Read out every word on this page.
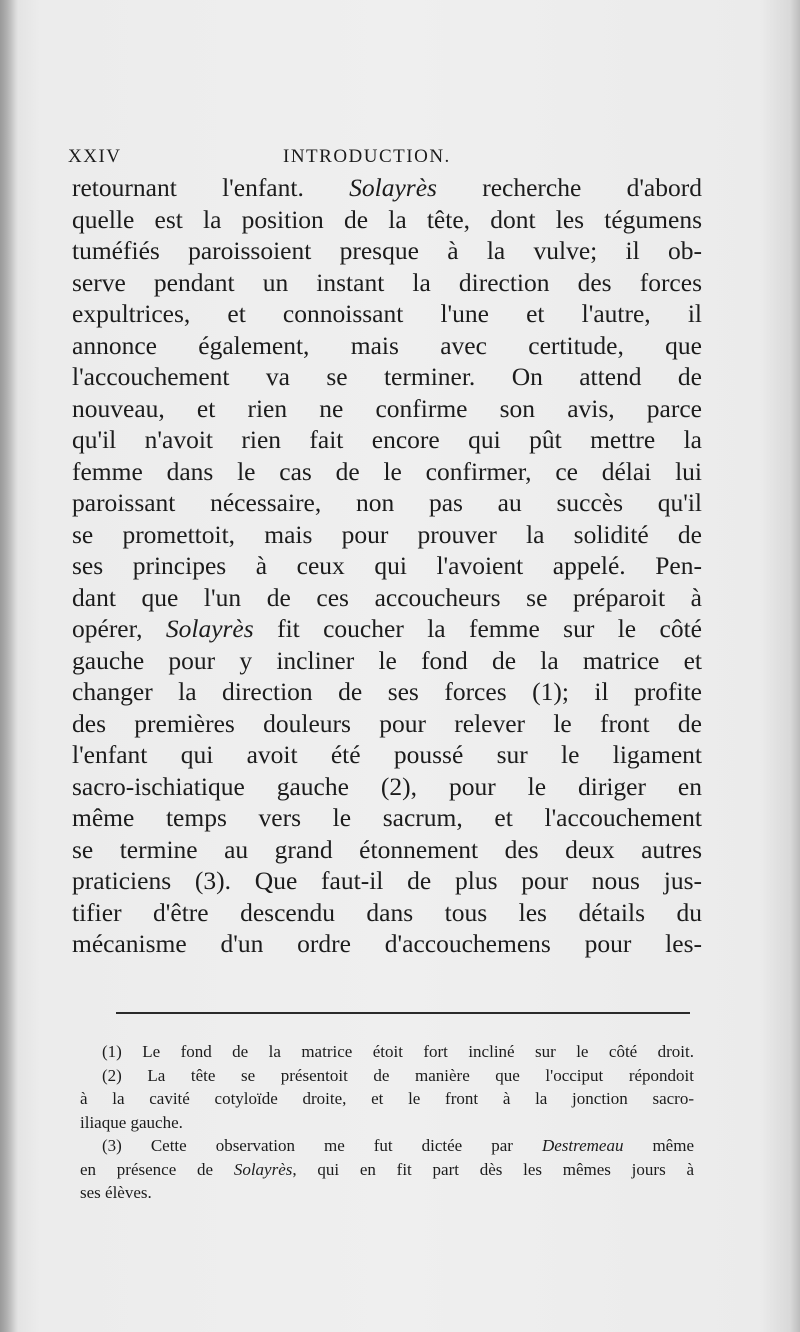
XXIV	INTRODUCTION.
retournant l'enfant. Solayrès recherche d'abord
quelle est la position de la tête, dont les tégumens
tuméfiés paroissoient presque à la vulve; il ob-
serve pendant un instant la direction des forces
expultrices, et connoissant l'une et l'autre, il
annonce également, mais avec certitude, que
l'accouchement va se terminer. On attend de
nouveau, et rien ne confirme son avis, parce
qu'il n'avoit rien fait encore qui pût mettre la
femme dans le cas de le confirmer, ce délai lui
paroissant nécessaire, non pas au succès qu'il
se promettoit, mais pour prouver la solidité de
ses principes à ceux qui l'avoient appelé. Pen-
dant que l'un de ces accoucheurs se préparoit à
opérer, Solayrès fit coucher la femme sur le côté
gauche pour y incliner le fond de la matrice et
changer la direction de ses forces (1); il profite
des premières douleurs pour relever le front de
l'enfant qui avoit été poussé sur le ligament
sacro-ischiatique gauche (2), pour le diriger en
même temps vers le sacrum, et l'accouchement
se termine au grand étonnement des deux autres
praticiens (3). Que faut-il de plus pour nous jus-
tifier d'être descendu dans tous les détails du
mécanisme d'un ordre d'accouchemens pour les-
(1) Le fond de la matrice étoit fort incliné sur le côté droit.
(2) La tête se présentoit de manière que l'occiput répondoit
à la cavité cotyloïde droite, et le front à la jonction sacro-
iliaque gauche.
(3) Cette observation me fut dictée par Destremeau même
en présence de Solayrès, qui en fit part dès les mêmes jours à
ses élèves.
